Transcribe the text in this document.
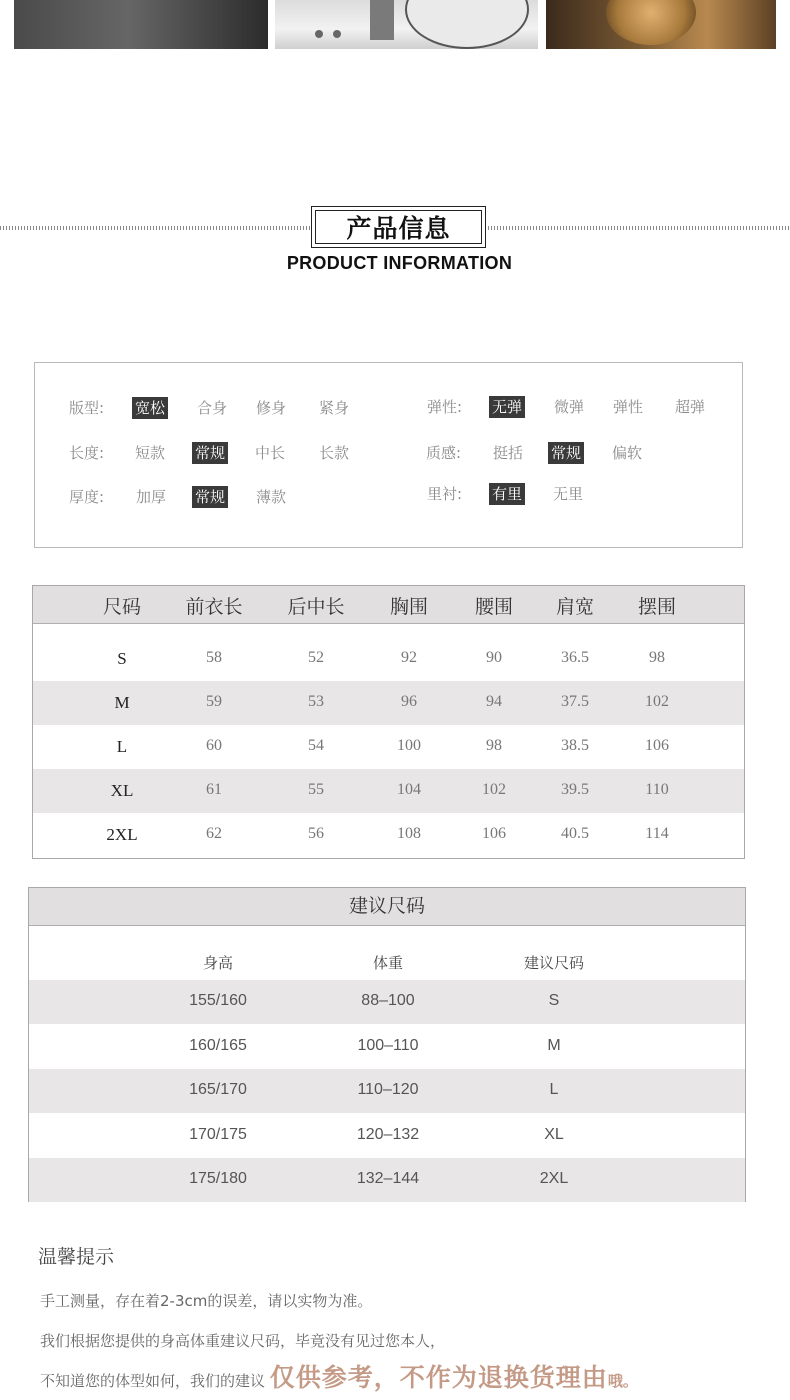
产品信息
PRODUCT INFORMATION
版型: 宽松 合身 修身 紧身	弹性: 无弹 微弹 弹性 超弹
长度: 短款 常规 中长 长款	质感: 挺括 常规 偏软
厚度: 加厚 常规 薄款	里衬: 有里 无里
尺码 前衣长 后中长 胸围 腰围 肩宽 摆围
S	58	52	92	90	36.5	98
M	59	53	96	94	37.5	102
L	60	54	100	98	38.5	106
XL	61	55	104	102	39.5	110
2XL	62	56	108	106	40.5	114
建议尺码
身高	体重	建议尺码
155/160	88–100	S
160/165	100–110	M
165/170	110–120	L
170/175	120–132	XL
175/180	132–144	2XL
温馨提示
手工测量，存在着2-3cm的误差，请以实物为准。
我们根据您提供的身高体重建议尺码，毕竟没有见过您本人，
不知道您的体型如何，我们的建议 仅供参考，不作为退换货理由哦。
